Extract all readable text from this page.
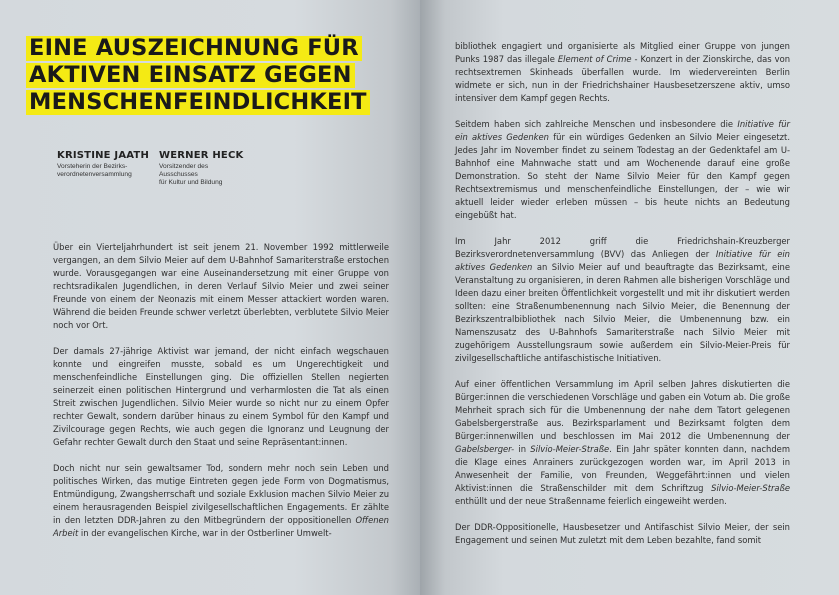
EINE AUSZEICHNUNG FÜR
AKTIVEN EINSATZ GEGEN
MENSCHENFEINDLICHKEIT
KRISTINE JAATH
Vorsteherin der Bezirks-
verordnetenversammlung
WERNER HECK
Vorsitzender des Ausschusses
für Kultur und Bildung

Über ein Vierteljahrhundert ist seit jenem 21. November 1992 mittlerweile vergangen, an dem Silvio Meier auf dem U-Bahnhof Samariterstraße erstochen wurde. Vorausgegangen war eine Auseinandersetzung mit einer Gruppe von rechtsradikalen Jugendlichen, in deren Verlauf Silvio Meier und zwei seiner Freunde von einem der Neonazis mit einem Messer attackiert worden waren. Während die beiden Freunde schwer verletzt überlebten, verblutete Silvio Meier noch vor Ort.

Der damals 27-jährige Aktivist war jemand, der nicht einfach wegschauen konnte und eingreifen musste, sobald es um Ungerechtigkeit und menschenfeindliche Einstellungen ging. Die offiziellen Stellen negierten seinerzeit einen politischen Hintergrund und verharmlosten die Tat als einen Streit zwischen Jugendlichen. Silvio Meier wurde so nicht nur zu einem Opfer rechter Gewalt, sondern darüber hinaus zu einem Symbol für den Kampf und Zivilcourage gegen Rechts, wie auch gegen die Ignoranz und Leugnung der Gefahr rechter Gewalt durch den Staat und seine Repräsentant:innen.

Doch nicht nur sein gewaltsamer Tod, sondern mehr noch sein Leben und politisches Wirken, das mutige Eintreten gegen jede Form von Dogmatismus, Entmündigung, Zwangsherrschaft und soziale Exklusion machen Silvio Meier zu einem herausragenden Beispiel zivilgesellschaftlichen Engagements. Er zählte in den letzten DDR-Jahren zu den Mitbegründern der oppositionellen Offenen Arbeit in der evangelischen Kirche, war in der Ostberliner Umwelt-

bibliothek engagiert und organisierte als Mitglied einer Gruppe von jungen Punks 1987 das illegale Element of Crime - Konzert in der Zionskirche, das von rechtsextremen Skinheads überfallen wurde. Im wiedervereinten Berlin widmete er sich, nun in der Friedrichshainer Hausbesetzerszene aktiv, umso intensiver dem Kampf gegen Rechts.

Seitdem haben sich zahlreiche Menschen und insbesondere die Initiative für ein aktives Gedenken für ein würdiges Gedenken an Silvio Meier eingesetzt. Jedes Jahr im November findet zu seinem Todestag an der Gedenktafel am U-Bahnhof eine Mahnwache statt und am Wochenende darauf eine große Demonstration. So steht der Name Silvio Meier für den Kampf gegen Rechtsextremismus und menschenfeindliche Einstellungen, der – wie wir aktuell leider wieder erleben müssen – bis heute nichts an Bedeutung eingebüßt hat.

Im Jahr 2012 griff die Friedrichshain-Kreuzberger Bezirksverordnetenversammlung (BVV) das Anliegen der Initiative für ein aktives Gedenken an Silvio Meier auf und beauftragte das Bezirksamt, eine Veranstaltung zu organisieren, in deren Rahmen alle bisherigen Vorschläge und Ideen dazu einer breiten Öffentlichkeit vorgestellt und mit ihr diskutiert werden sollten: eine Straßenumbenennung nach Silvio Meier, die Benennung der Bezirkszentralbibliothek nach Silvio Meier, die Umbenennung bzw. ein Namenszusatz des U-Bahnhofs Samariterstraße nach Silvio Meier mit zugehörigem Ausstellungsraum sowie außerdem ein Silvio-Meier-Preis für zivilgesellschaftliche antifaschistische Initiativen.

Auf einer öffentlichen Versammlung im April selben Jahres diskutierten die Bürger:innen die verschiedenen Vorschläge und gaben ein Votum ab. Die große Mehrheit sprach sich für die Umbenennung der nahe dem Tatort gelegenen Gabelsbergerstraße aus. Bezirksparlament und Bezirksamt folgten dem Bürger:innenwillen und beschlossen im Mai 2012 die Umbenennung der Gabelsberger- in Silvio-Meier-Straße. Ein Jahr später konnten dann, nachdem die Klage eines Anrainers zurückgezogen worden war, im April 2013 in Anwesenheit der Familie, von Freunden, Weggefährt:innen und vielen Aktivist:innen die Straßenschilder mit dem Schriftzug Silvio-Meier-Straße enthüllt und der neue Straßenname feierlich eingeweiht werden.

Der DDR-Oppositionelle, Hausbesetzer und Antifaschist Silvio Meier, der sein Engagement und seinen Mut zuletzt mit dem Leben bezahlte, fand somit
